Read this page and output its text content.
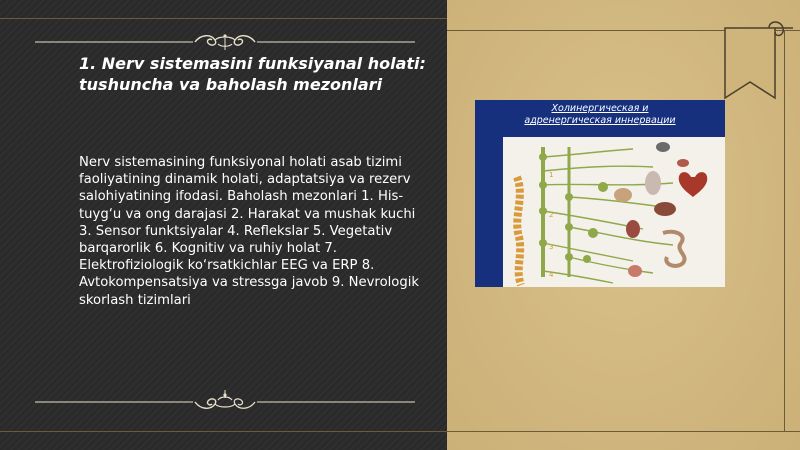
1. Nerv sistemasini funksiyanal holati: tushuncha va baholash mezonlari
Nerv sistemasining funksiyonal holati asab tizimi faoliyatining dinamik holati, adaptatsiya va rezerv salohiyatining ifodasi. Baholash mezonlari 1. His-tuyg‘u va ong darajasi 2. Harakat va mushak kuchi 3. Sensor funktsiyalar 4. Reflekslar 5. Vegetativ barqarorlik 6. Kognitiv va ruhiy holat 7. Elektrofiziologik ko‘rsatkichlar EEG va ERP 8. Avtokompensatsiya va stressga javob 9. Nevrologik skorlash tizimlari
Холинергическая и
адренергическая иннервации
1
2
3
4
